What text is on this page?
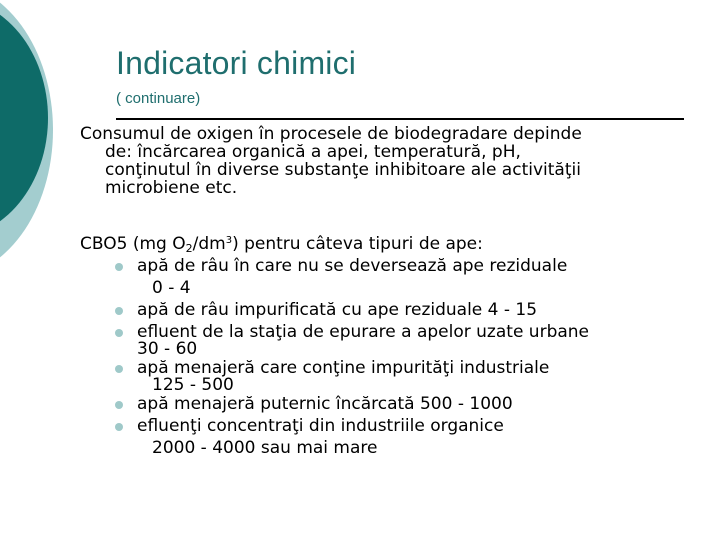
Indicatori chimici
( continuare)
Consumul de oxigen în procesele de biodegradare depinde
de: încărcarea organică a apei, temperatură, pH,
conţinutul în diverse substanţe inhibitoare ale activităţii
microbiene etc.
CBO5 (mg $O_2/dm^3$) pentru câteva tipuri de ape:
apă de râu în care nu se deversează ape reziduale
0 - 4
apă de râu impurificată cu ape reziduale 4 - 15
efluent de la staţia de epurare a apelor uzate urbane
30 - 60
apă menajeră care conţine impurităţi industriale
125 - 500
apă menajeră puternic încărcată 500 - 1000
efluenţi concentraţi din industriile organice
2000 - 4000 sau mai mare
